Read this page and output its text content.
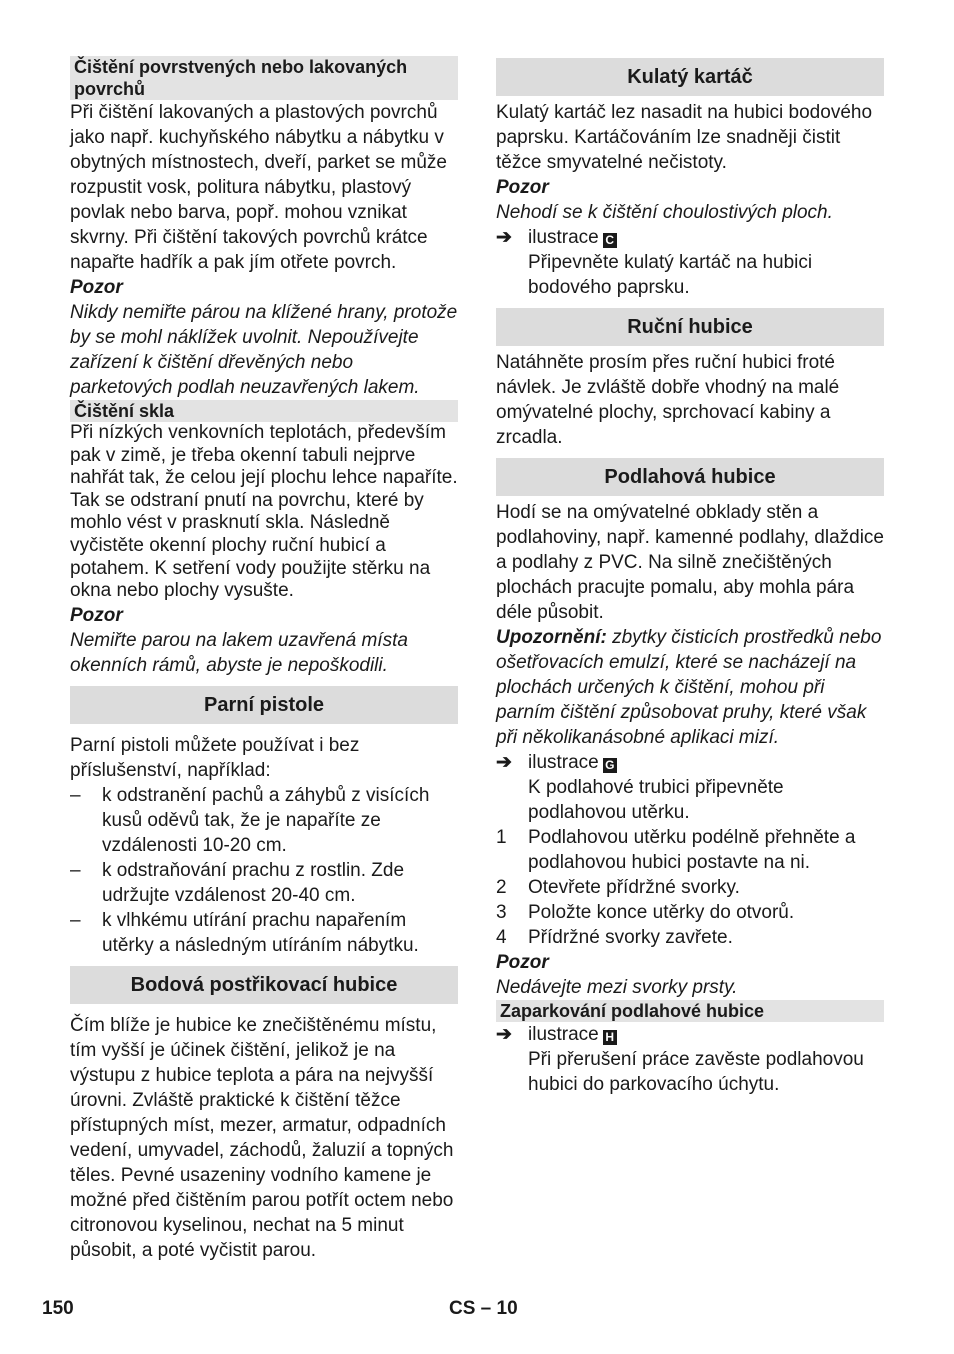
Čištění povrstvených nebo lakovaných povrchů

Při čištění lakovaných a plastových povrchů jako např. kuchyňského nábytku a nábytku v obytných místnostech, dveří, parket se může rozpustit vosk, politura nábytku, plastový povlak nebo barva, popř. mohou vznikat skvrny. Při čištění takových povrchů krátce napařte hadřík a pak jím otřete povrch.

Pozor

Nikdy nemiřte párou na klížené hrany, protože by se mohl náklížek uvolnit. Nepoužívejte zařízení k čištění dřevěných nebo parketových podlah neuzavřených lakem.

Čištění skla

Při nízkých venkovních teplotách, především pak v zimě, je třeba okenní tabuli nejprve nahřát tak, že celou její plochu lehce napaříte. Tak se odstraní pnutí na povrchu, které by mohlo vést v prasknutí skla. Následně vyčistěte okenní plochy ruční hubicí a potahem. K setření vody použijte stěrku na okna nebo plochy vysušte.

Pozor

Nemiřte parou na lakem uzavřená místa okenních rámů, abyste je nepoškodili.

Parní pistole

Parní pistoli můžete používat i bez příslušenství, například:

– k odstranění pachů a záhybů z visících kusů oděvů tak, že je napaříte ze vzdálenosti 10-20 cm.
– k odstraňování prachu z rostlin. Zde udržujte vzdálenost 20-40 cm.
– k vlhkému utírání prachu napařením utěrky a následným utíráním nábytku.

Bodová postřikovací hubice

Čím blíže je hubice ke znečištěnému místu, tím vyšší je účinek čištění, jelikož je na výstupu z hubice teplota a pára na nejvyšší úrovni. Zvláště praktické k čištění těžce přístupných míst, mezer, armatur, odpadních vedení, umyvadel, záchodů, žaluzií a topných těles. Pevné usazeniny vodního kamene je možné před čištěním parou potřít octem nebo citronovou kyselinou, nechat na 5 minut působit, a poté vyčistit parou.

Kulatý kartáč

Kulatý kartáč lez nasadit na hubici bodového paprsku. Kartáčováním lze snadněji čistit těžce smyvatelné nečistoty.

Pozor

Nehodí se k čištění choulostivých ploch.

➔ ilustrace C
Připevněte kulatý kartáč na hubici bodového paprsku.

Ruční hubice

Natáhněte prosím přes ruční hubici froté návlek. Je zvláště dobře vhodný na malé omývatelné plochy, sprchovací kabiny a zrcadla.

Podlahová hubice

Hodí se na omývatelné obklady stěn a podlahoviny, např. kamenné podlahy, dlaždice a podlahy z PVC. Na silně znečištěných plochách pracujte pomalu, aby mohla pára déle působit.

Upozornění: zbytky čisticích prostředků nebo ošetřovacích emulzí, které se nacházejí na plochách určených k čištění, mohou při parním čištění způsobovat pruhy, které však při několikanásobné aplikaci mizí.

➔ ilustrace G
K podlahové trubici připevněte podlahovou utěrku.
1 Podlahovou utěrku podélně přehněte a podlahovou hubici postavte na ni.
2 Otevřete přídržné svorky.
3 Položte konce utěrky do otvorů.
4 Přídržné svorky zavřete.

Pozor

Nedávejte mezi svorky prsty.

Zaparkování podlahové hubice

➔ ilustrace H
Při přerušení práce zavěste podlahovou hubici do parkovacího úchytu.
150	CS – 10
